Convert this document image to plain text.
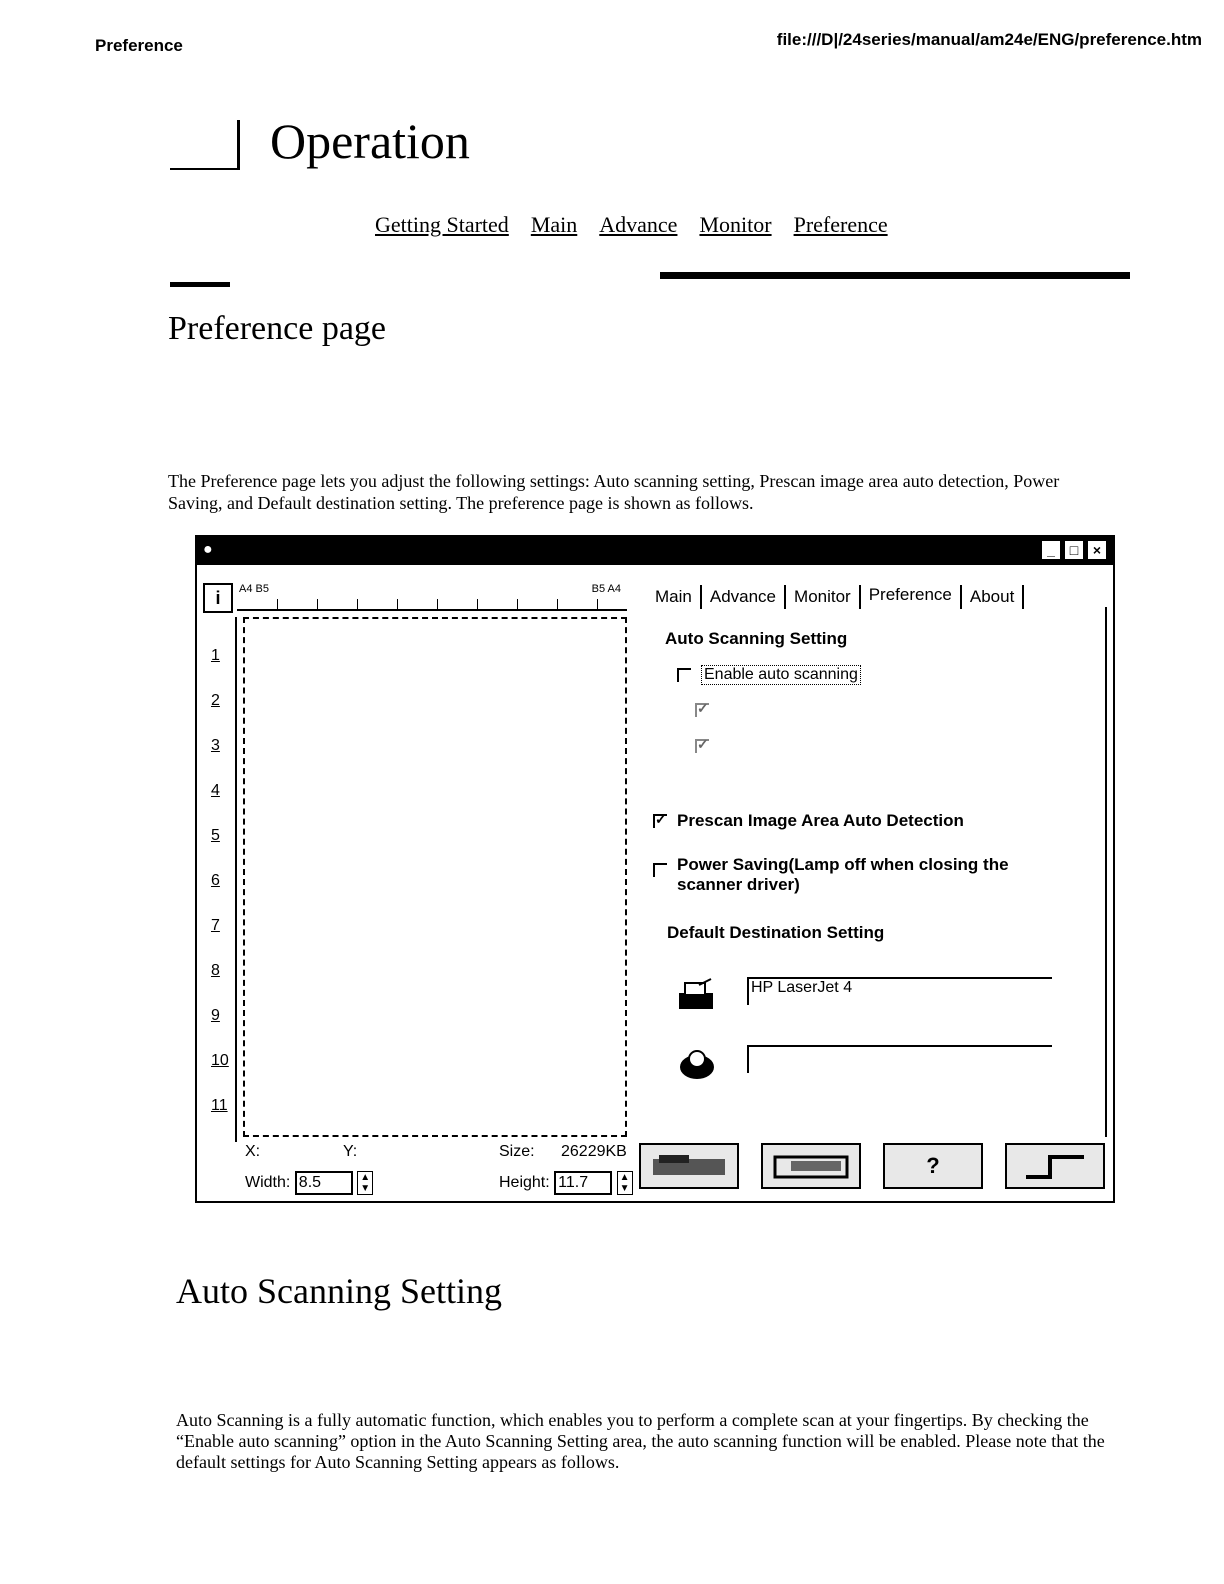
Preference	file:///D|/24series/manual/am24e/ENG/preference.htm
Operation
Getting Started Main Advance Monitor Preference
Preference page
The Preference page lets you adjust the following settings: Auto scanning setting, Prescan image area auto detection, Power Saving, and Default destination setting. The preference page is shown as follows.
●	_	□	×
i	A4 B5	B5 A4
1
2
3
4
5
6
7
8
9
10
11
Main	Advance	Monitor	Preference	About
Auto Scanning Setting
Enable auto scanning
✓
✓
✓
Prescan Image Area Auto Detection
Power Saving(Lamp off when closing the scanner driver)
Default Destination Setting
HP LaserJet 4
X:	Y:	Size: 26229KB
Width: 8.5	▲
▼	Height: 11.7	▲
▼
?
Auto Scanning Setting
Auto Scanning is a fully automatic function, which enables you to perform a complete scan at your fingertips. By checking the “Enable auto scanning” option in the Auto Scanning Setting area, the auto scanning function will be enabled. Please note that the default settings for Auto Scanning Setting appears as follows.
